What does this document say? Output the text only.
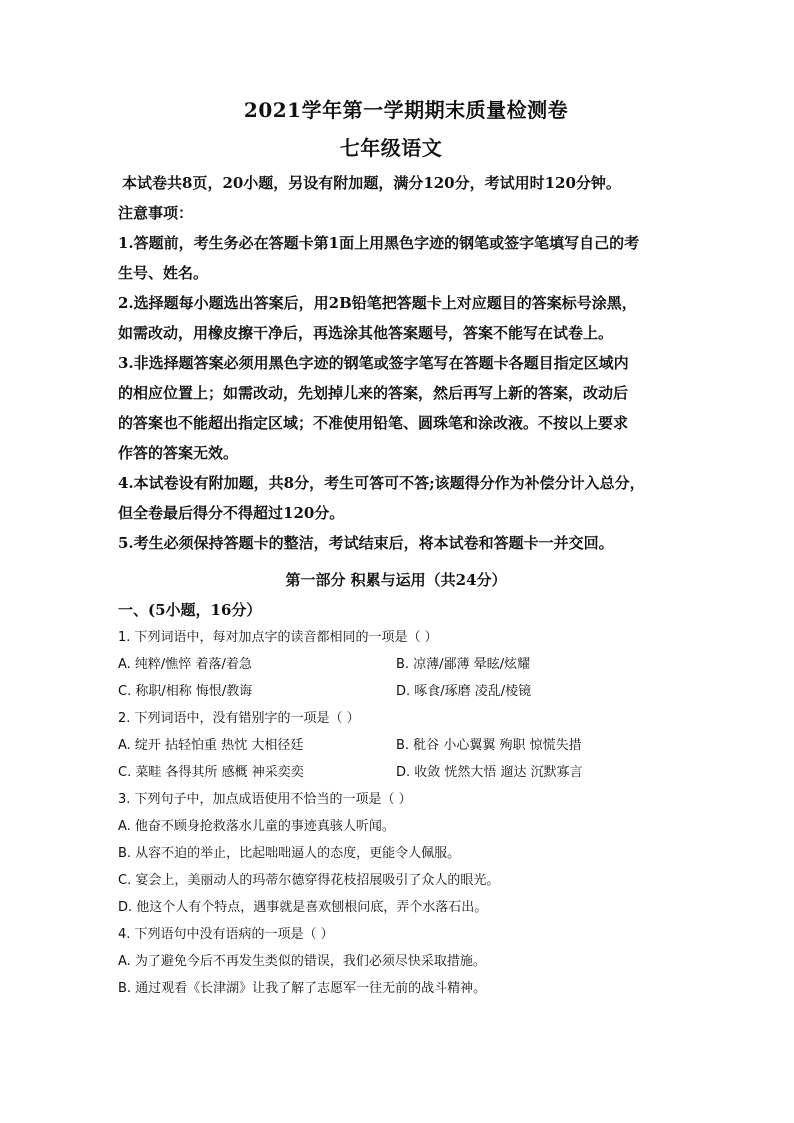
2021学年第一学期期末质量检测卷
七年级语文

本试卷共8页，20小题，另设有附加题，满分120分，考试用时120分钟。

注意事项：

1.答题前，考生务必在答题卡第1面上用黑色字迹的钢笔或签字笔填写自己的考

生号、姓名。

2.选择题每小题选出答案后，用2B铅笔把答题卡上对应题目的答案标号涂黑，

如需改动，用橡皮擦干净后，再选涂其他答案题号，答案不能写在试卷上。

3.非选择题答案必须用黑色字迹的钢笔或签字笔写在答题卡各题目指定区域内

的相应位置上；如需改动，先划掉儿来的答案，然后再写上新的答案，改动后

的答案也不能超出指定区域；不准使用铅笔、圆珠笔和涂改液。不按以上要求

作答的答案无效。

4.本试卷设有附加题，共8分，考生可答可不答;该题得分作为补偿分计入总分，

但全卷最后得分不得超过120分。

5.考生必须保持答题卡的整洁，考试结束后，将本试卷和答题卡一并交回。

第一部分 积累与运用（共24分）
一、(5小题，16分）

1. 下列词语中，每对加点字的读音都相同的一项是（ ）

A. 纯粹/憔悴 着落/着急	B. 凉薄/鄙薄 晕眩/炫耀
C. 称职/相称 悔恨/教诲	D. 啄食/琢磨 凌乱/棱镜

2. 下列词语中，没有错别字的一项是（ ）

A. 绽开 拈轻怕重 热忱 大相径廷	B. 秕谷 小心翼翼 殉职 惊慌失措
C. 菜畦 各得其所 感概 神采奕奕	D. 收敛 恍然大悟 遛达 沉默寡言

3. 下列句子中，加点成语使用不恰当的一项是（ ）

A. 他奋不顾身抢救落水儿童的事迹真骇人听闻。

B. 从容不迫的举止，比起咄咄逼人的态度，更能令人佩服。

C. 宴会上，美丽动人的玛蒂尔德穿得花枝招展吸引了众人的眼光。

D. 他这个人有个特点，遇事就是喜欢刨根问底，弄个水落石出。

4. 下列语句中没有语病的一项是（ ）

A. 为了避免今后不再发生类似的错误，我们必须尽快采取措施。

B. 通过观看《长津湖》让我了解了志愿军一往无前的战斗精神。
